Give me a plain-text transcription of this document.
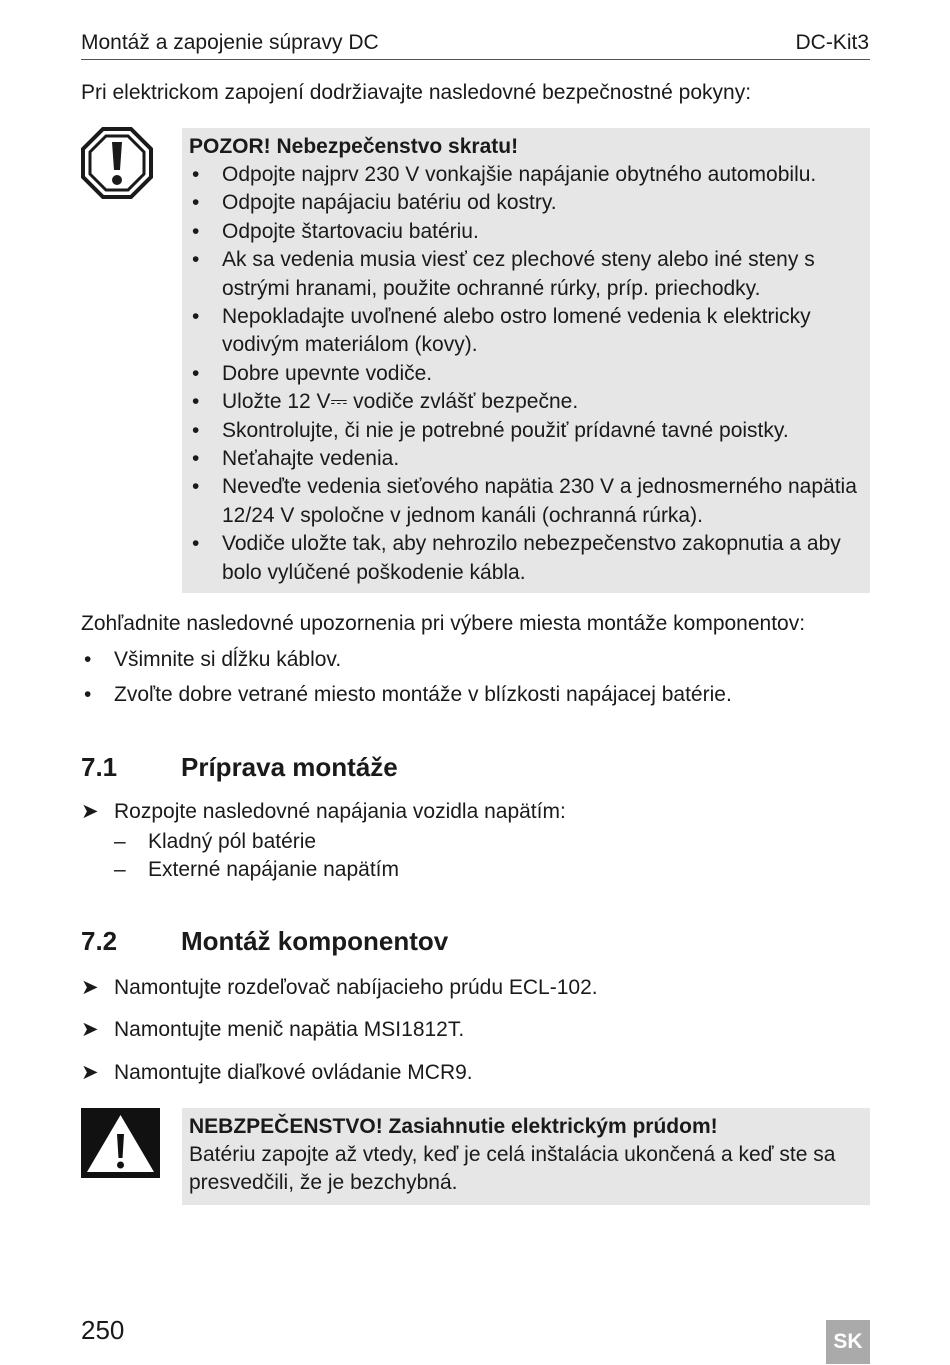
Montáž a zapojenie súpravy DC	DC-Kit3
Pri elektrickom zapojení dodržiavajte nasledovné bezpečnostné pokyny:

POZOR! Nebezpečenstvo skratu!

•
Odpojte najprv 230 V vonkajšie napájanie obytného automobilu.
•
Odpojte napájaciu batériu od kostry.
•
Odpojte štartovaciu batériu.
•
Ak sa vedenia musia viesť cez plechové steny alebo iné steny s ostrými hranami, použite ochranné rúrky, príp. priechodky.
•
Nepokladajte uvoľnené alebo ostro lomené vedenia k elektricky vodivým materiálom (kovy).
•
Dobre upevnte vodiče.
•
Uložte 12 V⎓ vodiče zvlášť bezpečne.
•
Skontrolujte, či nie je potrebné použiť prídavné tavné poistky.
•
Neťahajte vedenia.
•
Neveďte vedenia sieťového napätia 230 V a jednosmerného napätia 12/24 V spoločne v jednom kanáli (ochranná rúrka).
•
Vodiče uložte tak, aby nehrozilo nebezpečenstvo zakopnutia a aby bolo vylúčené poškodenie kábla.
Zohľadnite nasledovné upozornenia pri výbere miesta montáže komponentov:
•
Všimnite si dĺžku káblov.
•
Zvoľte dobre vetrané miesto montáže v blízkosti napájacej batérie.
7.1 Príprava montáže
➤
Rozpojte nasledovné napájania vozidla napätím:
–
Kladný pól batérie
–
Externé napájanie napätím
7.2 Montáž komponentov
➤
Namontujte rozdeľovač nabíjacieho prúdu ECL-102.
➤
Namontujte menič napätia MSI1812T.
➤
Namontujte diaľkové ovládanie MCR9.

NEBZPEČENSTVO! Zasiahnutie elektrickým prúdom!

Batériu zapojte až vtedy, keď je celá inštalácia ukončená a keď ste sa presvedčili, že je bezchybná.

250	SK
